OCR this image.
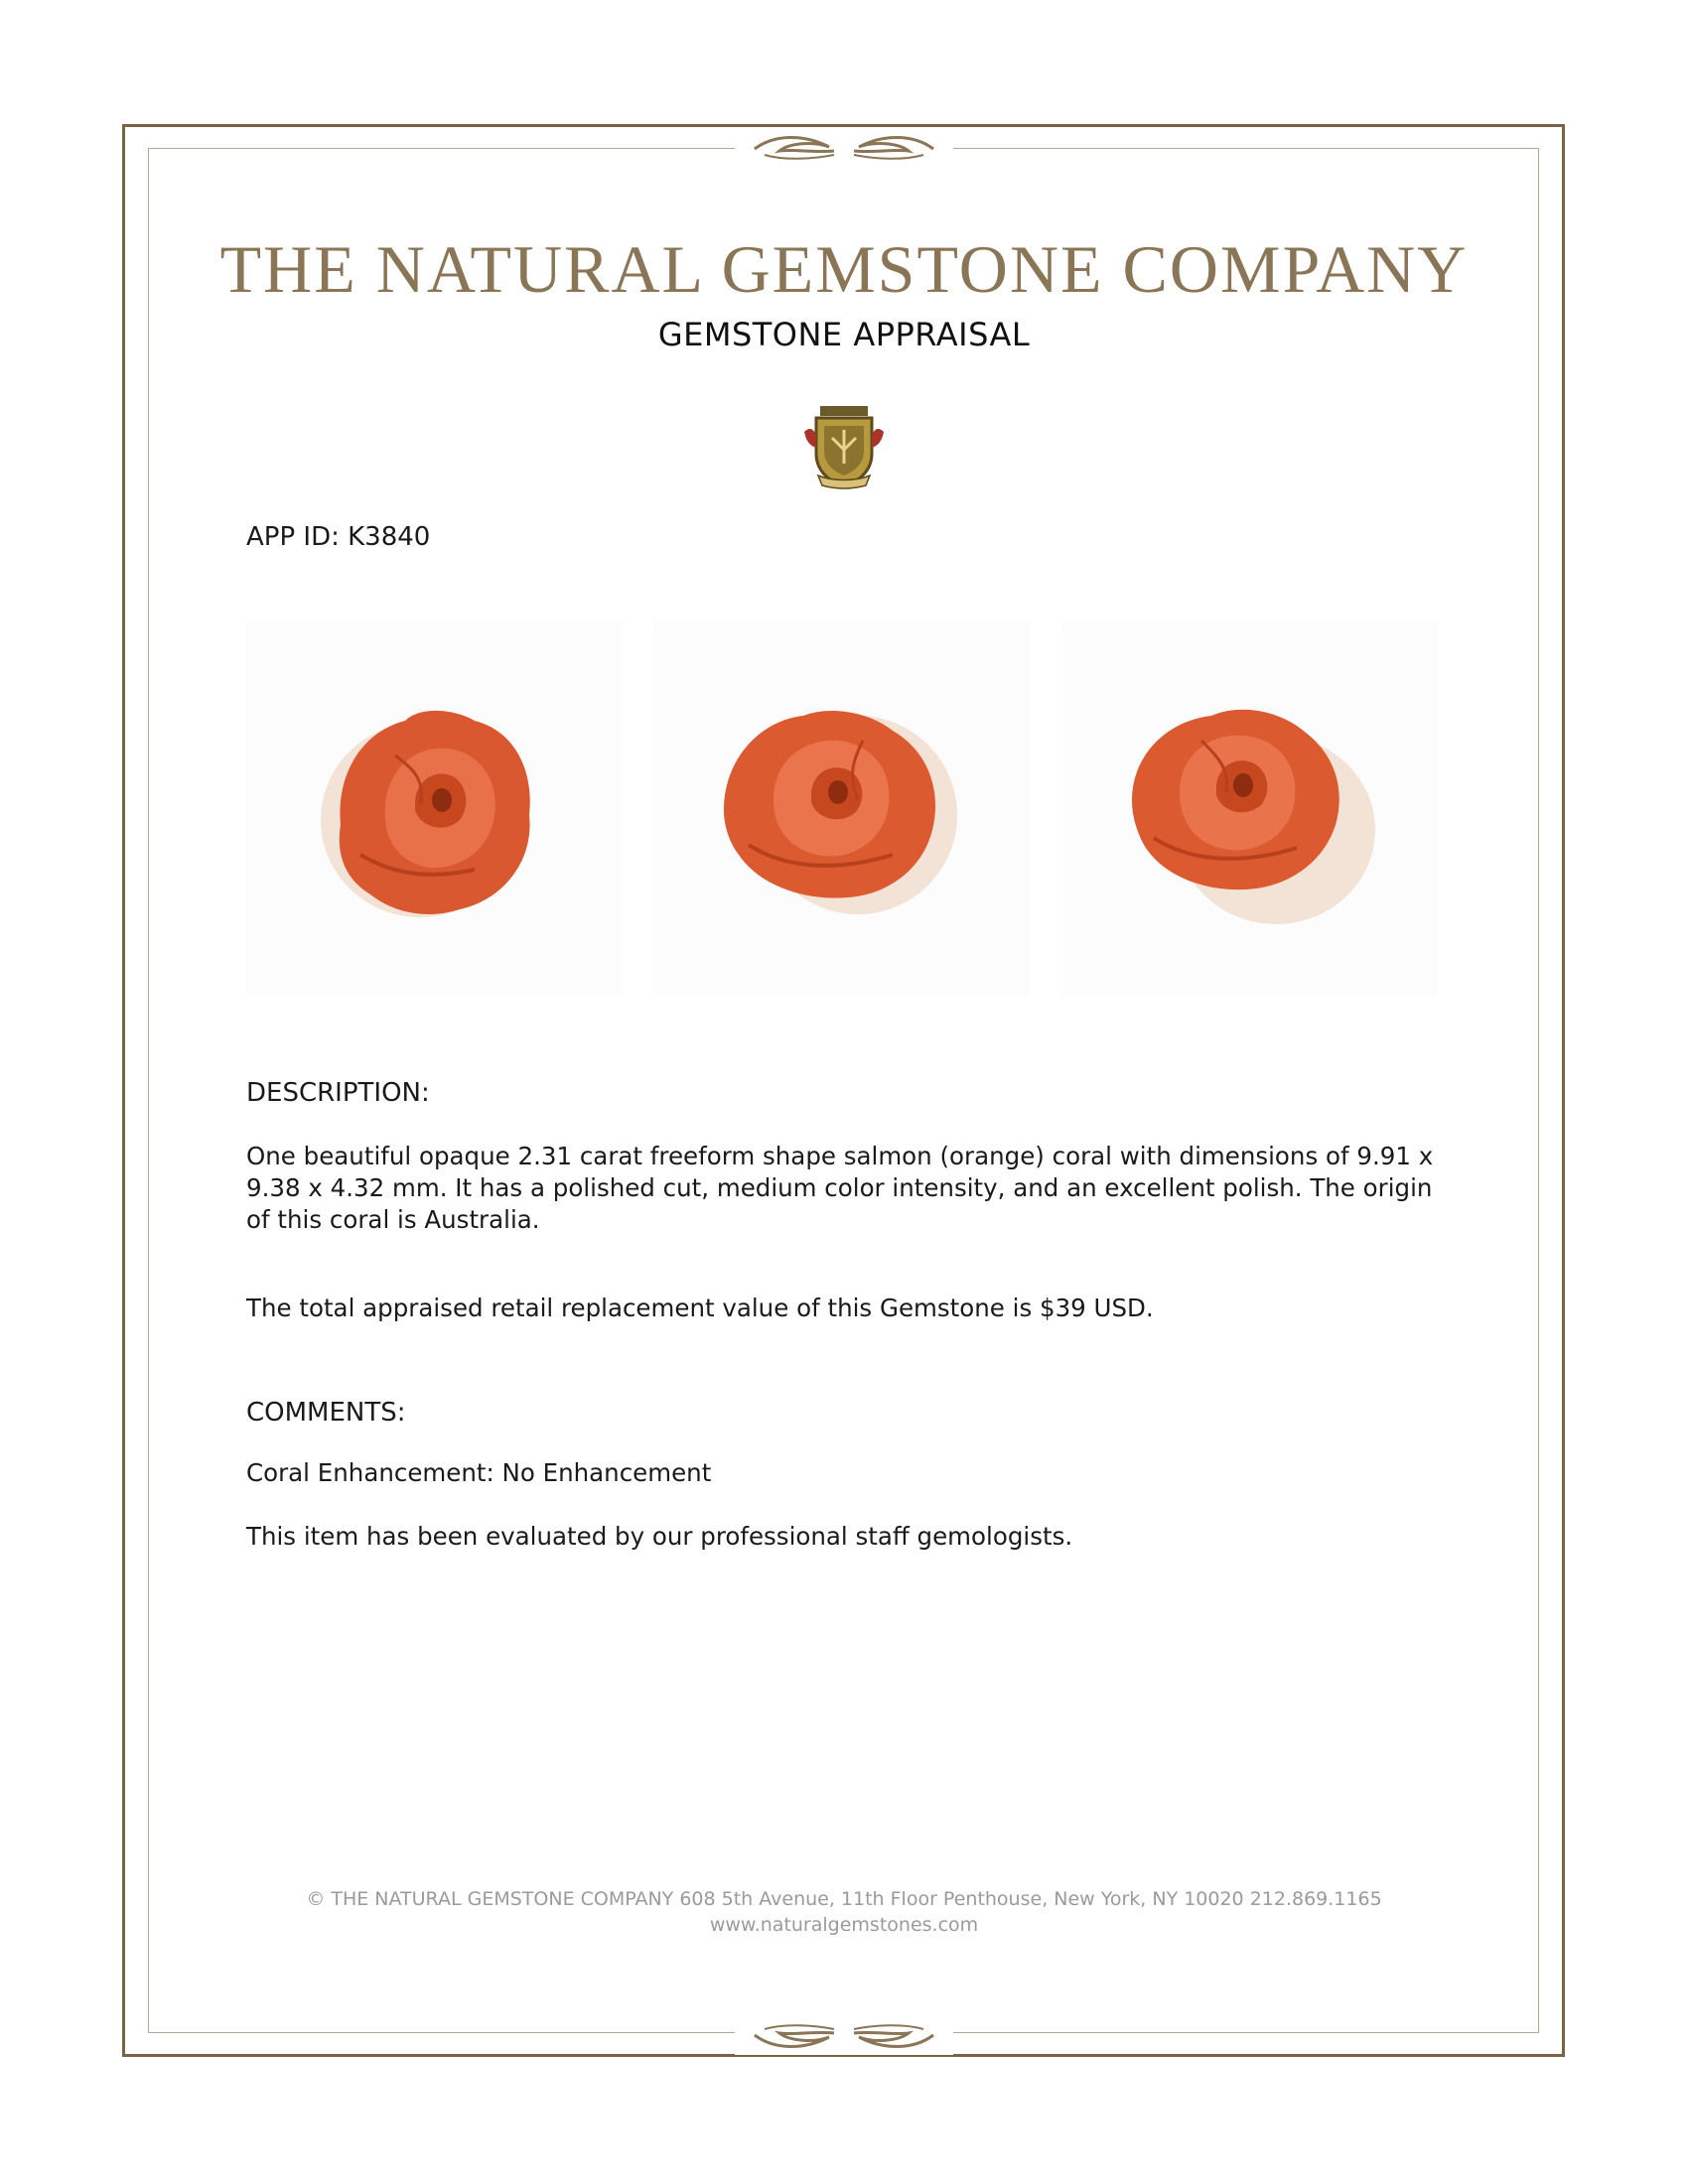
THE NATURAL GEMSTONE COMPANY
GEMSTONE APPRAISAL
APP ID: K3840
DESCRIPTION:
One beautiful opaque 2.31 carat freeform shape salmon (orange) coral with dimensions of 9.91 x 9.38 x 4.32 mm. It has a polished cut, medium color intensity, and an excellent polish. The origin of this coral is Australia.
The total appraised retail replacement value of this Gemstone is $39 USD.
COMMENTS:
Coral Enhancement: No Enhancement
This item has been evaluated by our professional staff gemologists.
© THE NATURAL GEMSTONE COMPANY 608 5th Avenue, 11th Floor Penthouse, New York, NY 10020 212.869.1165
www.naturalgemstones.com
